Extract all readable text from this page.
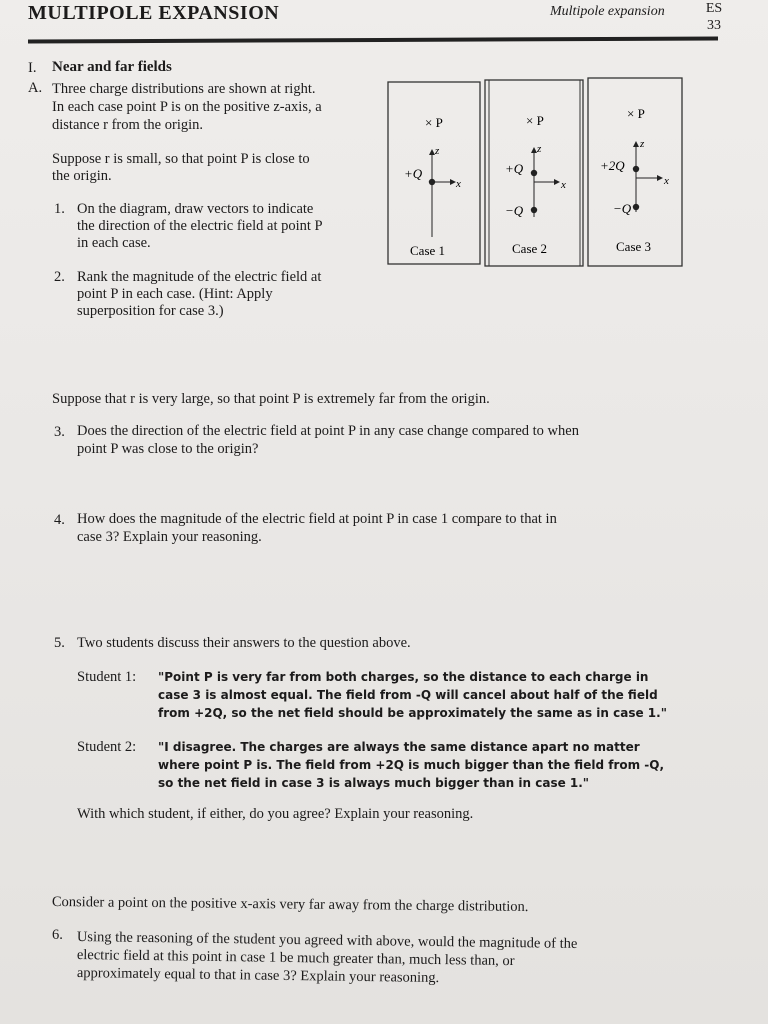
MULTIPOLE EXPANSION	Multipole expansion	ES
33
I. Near and far fields
A. Three charge distributions are shown at right.
In each case point P is on the positive z-axis, a
distance r from the origin.
Suppose r is small, so that point P is close to
the origin.
1. On the diagram, draw vectors to indicate
the direction of the electric field at point P
in each case.
2. Rank the magnitude of the electric field at
point P in each case. (Hint: Apply
superposition for case 3.)
× P
z
x
+Q
× P
z
x
+Q
−Q
× P
z
x
+2Q
−Q
Case 1	Case 2	Case 3
Suppose that r is very large, so that point P is extremely far from the origin.
3. Does the direction of the electric field at point P in any case change compared to when
point P was close to the origin?
4. How does the magnitude of the electric field at point P in case 1 compare to that in
case 3? Explain your reasoning.
5. Two students discuss their answers to the question above.
Student 1: "Point P is very far from both charges, so the distance to each charge in
case 3 is almost equal. The field from -Q will cancel about half of the field
from +2Q, so the net field should be approximately the same as in case 1."
Student 2: "I disagree. The charges are always the same distance apart no matter
where point P is. The field from +2Q is much bigger than the field from -Q,
so the net field in case 3 is always much bigger than in case 1."
With which student, if either, do you agree? Explain your reasoning.
Consider a point on the positive x-axis very far away from the charge distribution.
6. Using the reasoning of the student you agreed with above, would the magnitude of the
electric field at this point in case 1 be much greater than, much less than, or
approximately equal to that in case 3? Explain your reasoning.
